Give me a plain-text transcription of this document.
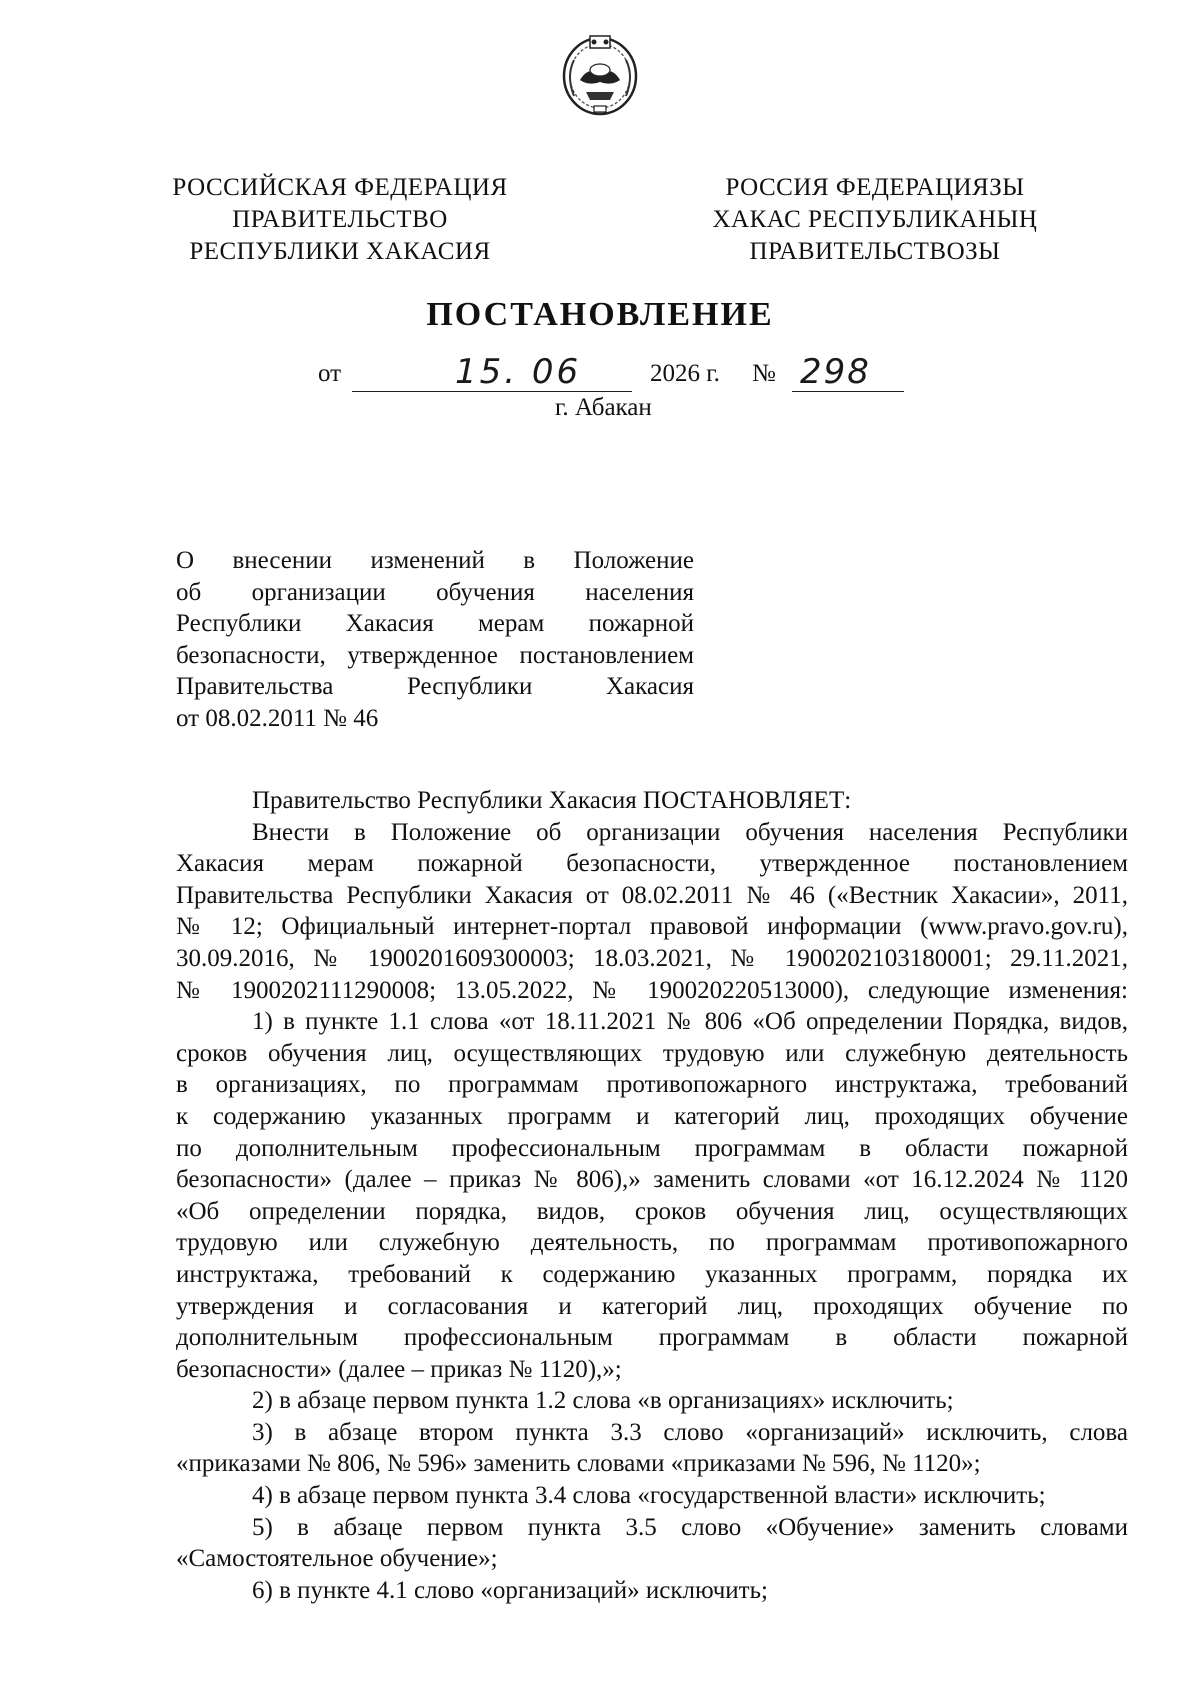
РОССИЙСКАЯ ФЕДЕРАЦИЯ
ПРАВИТЕЛЬСТВО
РЕСПУБЛИКИ ХАКАСИЯ
РОССИЯ ФЕДЕРАЦИЯЗЫ
ХАКАС РЕСПУБЛИКАНЫҢ
ПРАВИТЕЛЬСТВОЗЫ
ПОСТАНОВЛЕНИЕ
от	15. 06	2026 г. № 298
г. Абакан
О внесении изменений в Положение
об организации обучения населения
Республики Хакасия мерам пожарной
безопасности, утвержденное постановлением
Правительства Республики Хакасия
от 08.02.2011 № 46
Правительство Республики Хакасия ПОСТАНОВЛЯЕТ:
Внести в Положение об организации обучения населения Республики
Хакасия мерам пожарной безопасности, утвержденное постановлением
Правительства Республики Хакасия от 08.02.2011 № 46 («Вестник Хакасии», 2011,
№ 12; Официальный интернет-портал правовой информации (www.pravo.gov.ru),
30.09.2016, № 1900201609300003; 18.03.2021, № 1900202103180001; 29.11.2021,
№ 1900202111290008; 13.05.2022, № 190020220513000), следующие изменения:
1) в пункте 1.1 слова «от 18.11.2021 № 806 «Об определении Порядка, видов,
сроков обучения лиц, осуществляющих трудовую или служебную деятельность
в организациях, по программам противопожарного инструктажа, требований
к содержанию указанных программ и категорий лиц, проходящих обучение
по дополнительным профессиональным программам в области пожарной
безопасности» (далее – приказ № 806),» заменить словами «от 16.12.2024 № 1120
«Об определении порядка, видов, сроков обучения лиц, осуществляющих
трудовую или служебную деятельность, по программам противопожарного
инструктажа, требований к содержанию указанных программ, порядка их
утверждения и согласования и категорий лиц, проходящих обучение по
дополнительным профессиональным программам в области пожарной
безопасности» (далее – приказ № 1120),»;
2) в абзаце первом пункта 1.2 слова «в организациях» исключить;
3) в абзаце втором пункта 3.3 слово «организаций» исключить, слова
«приказами № 806, № 596» заменить словами «приказами № 596, № 1120»;
4) в абзаце первом пункта 3.4 слова «государственной власти» исключить;
5) в абзаце первом пункта 3.5 слово «Обучение» заменить словами
«Самостоятельное обучение»;
6) в пункте 4.1 слово «организаций» исключить;
